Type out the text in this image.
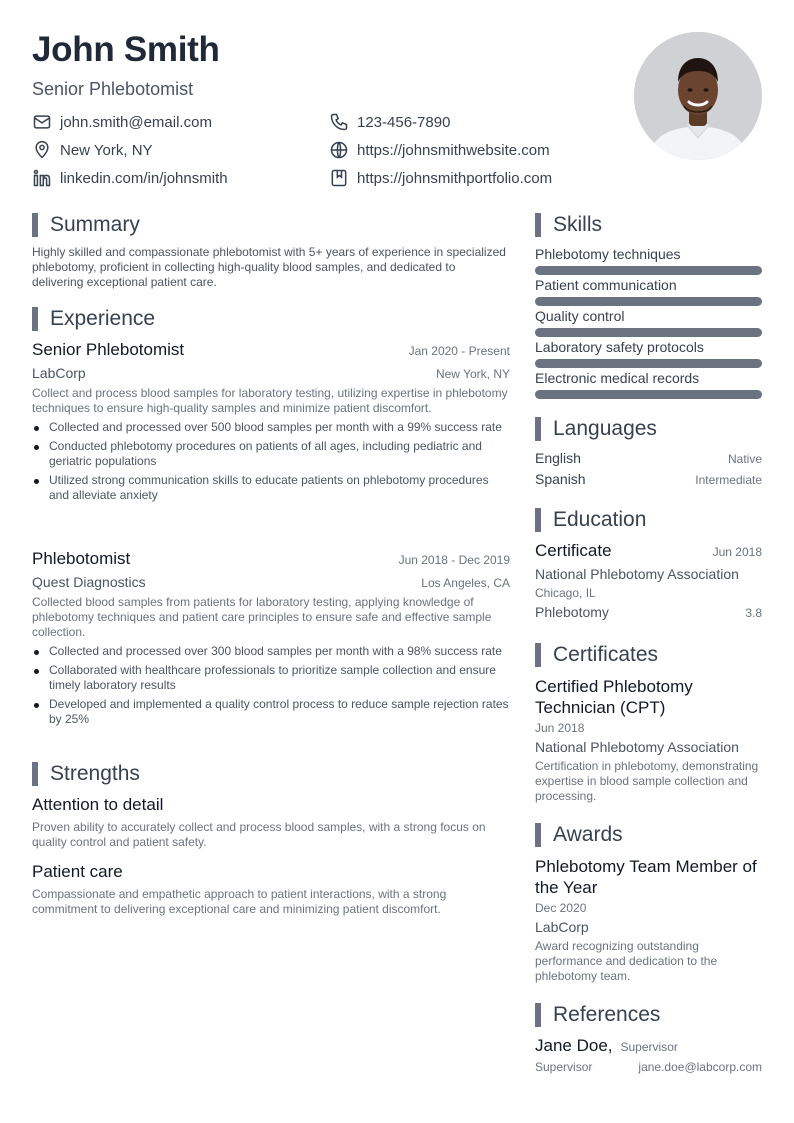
John Smith
Senior Phlebotomist
john.smith@email.com	123-456-7890
New York, NY	https://johnsmithwebsite.com
linkedin.com/in/johnsmith	https://johnsmithportfolio.com
Summary
Highly skilled and compassionate phlebotomist with 5+ years of experience in specialized phlebotomy, proficient in collecting high-quality blood samples, and dedicated to delivering exceptional patient care.
Experience
Senior Phlebotomist	Jan 2020 - Present
LabCorp	New York, NY
Collect and process blood samples for laboratory testing, utilizing expertise in phlebotomy techniques to ensure high-quality samples and minimize patient discomfort.
Collected and processed over 500 blood samples per month with a 99% success rate
Conducted phlebotomy procedures on patients of all ages, including pediatric and geriatric populations
Utilized strong communication skills to educate patients on phlebotomy procedures and alleviate anxiety
Phlebotomist	Jun 2018 - Dec 2019
Quest Diagnostics	Los Angeles, CA
Collected blood samples from patients for laboratory testing, applying knowledge of phlebotomy techniques and patient care principles to ensure safe and effective sample collection.
Collected and processed over 300 blood samples per month with a 98% success rate
Collaborated with healthcare professionals to prioritize sample collection and ensure timely laboratory results
Developed and implemented a quality control process to reduce sample rejection rates by 25%
Strengths
Attention to detail
Proven ability to accurately collect and process blood samples, with a strong focus on quality control and patient safety.
Patient care
Compassionate and empathetic approach to patient interactions, with a strong commitment to delivering exceptional care and minimizing patient discomfort.
Skills
Phlebotomy techniques
Patient communication
Quality control
Laboratory safety protocols
Electronic medical records
Languages
English	Native
Spanish	Intermediate
Education
Certificate	Jun 2018
National Phlebotomy Association
Chicago, IL
Phlebotomy	3.8
Certificates
Certified Phlebotomy Technician (CPT)
Jun 2018
National Phlebotomy Association
Certification in phlebotomy, demonstrating expertise in blood sample collection and processing.
Awards
Phlebotomy Team Member of the Year
Dec 2020
LabCorp
Award recognizing outstanding performance and dedication to the phlebotomy team.
References
Jane Doe, Supervisor
Supervisor	jane.doe@labcorp.com
